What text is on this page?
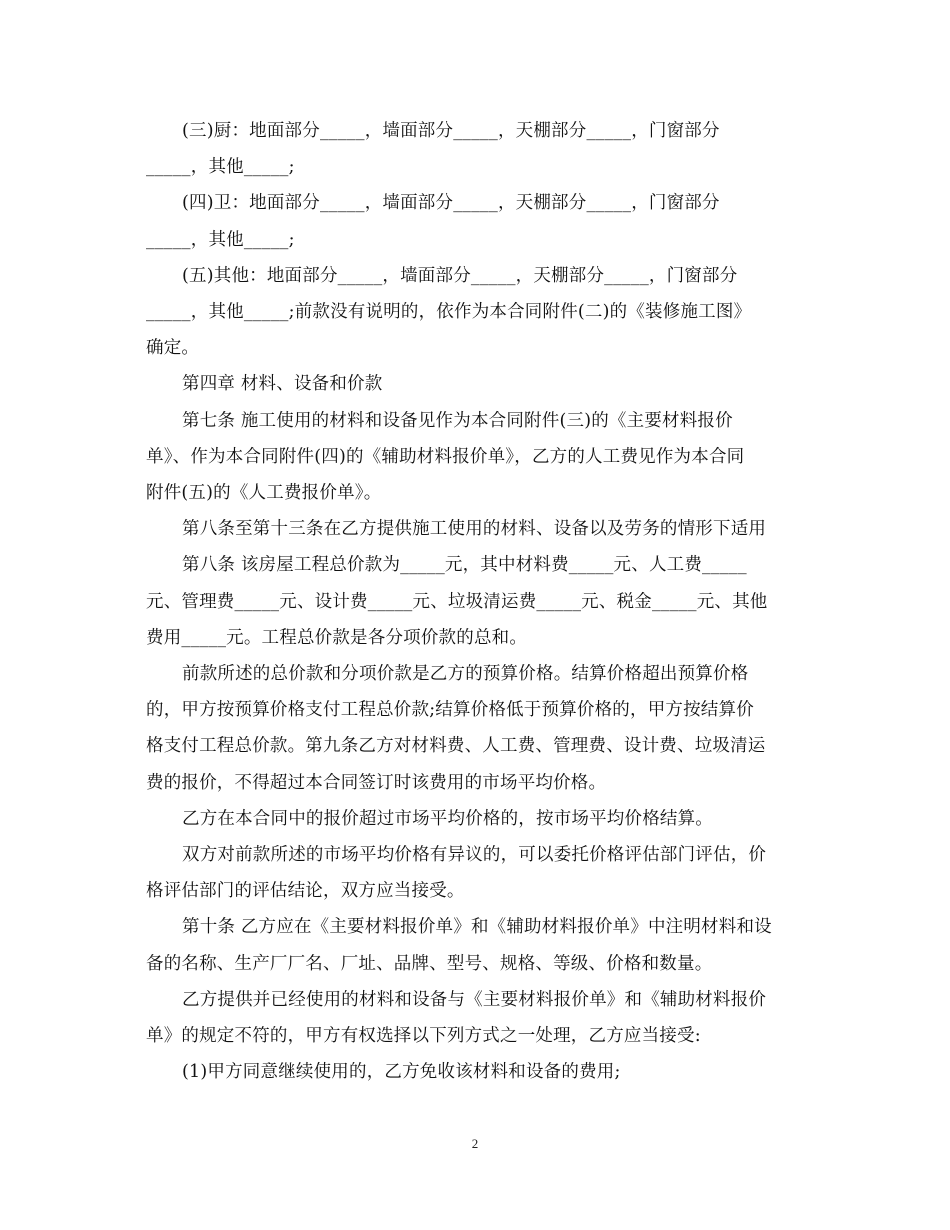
(三)厨：地面部分_____，墙面部分_____，天棚部分_____，门窗部分

_____，其他_____;

(四)卫：地面部分_____，墙面部分_____，天棚部分_____，门窗部分

_____，其他_____;

(五)其他：地面部分_____，墙面部分_____，天棚部分_____，门窗部分

_____，其他_____;前款没有说明的，依作为本合同附件(二)的《装修施工图》

确定。

第四章 材料、设备和价款

第七条 施工使用的材料和设备见作为本合同附件(三)的《主要材料报价

单》、作为本合同附件(四)的《辅助材料报价单》，乙方的人工费见作为本合同

附件(五)的《人工费报价单》。

第八条至第十三条在乙方提供施工使用的材料、设备以及劳务的情形下适用

第八条 该房屋工程总价款为_____元，其中材料费_____元、人工费_____

元、管理费_____元、设计费_____元、垃圾清运费_____元、税金_____元、其他

费用_____元。工程总价款是各分项价款的总和。

前款所述的总价款和分项价款是乙方的预算价格。结算价格超出预算价格

的，甲方按预算价格支付工程总价款;结算价格低于预算价格的，甲方按结算价

格支付工程总价款。第九条乙方对材料费、人工费、管理费、设计费、垃圾清运

费的报价，不得超过本合同签订时该费用的市场平均价格。

乙方在本合同中的报价超过市场平均价格的，按市场平均价格结算。

双方对前款所述的市场平均价格有异议的，可以委托价格评估部门评估，价

格评估部门的评估结论，双方应当接受。

第十条 乙方应在《主要材料报价单》和《辅助材料报价单》中注明材料和设

备的名称、生产厂厂名、厂址、品牌、型号、规格、等级、价格和数量。

乙方提供并已经使用的材料和设备与《主要材料报价单》和《辅助材料报价

单》的规定不符的，甲方有权选择以下列方式之一处理，乙方应当接受:

(1)甲方同意继续使用的，乙方免收该材料和设备的费用;

2
